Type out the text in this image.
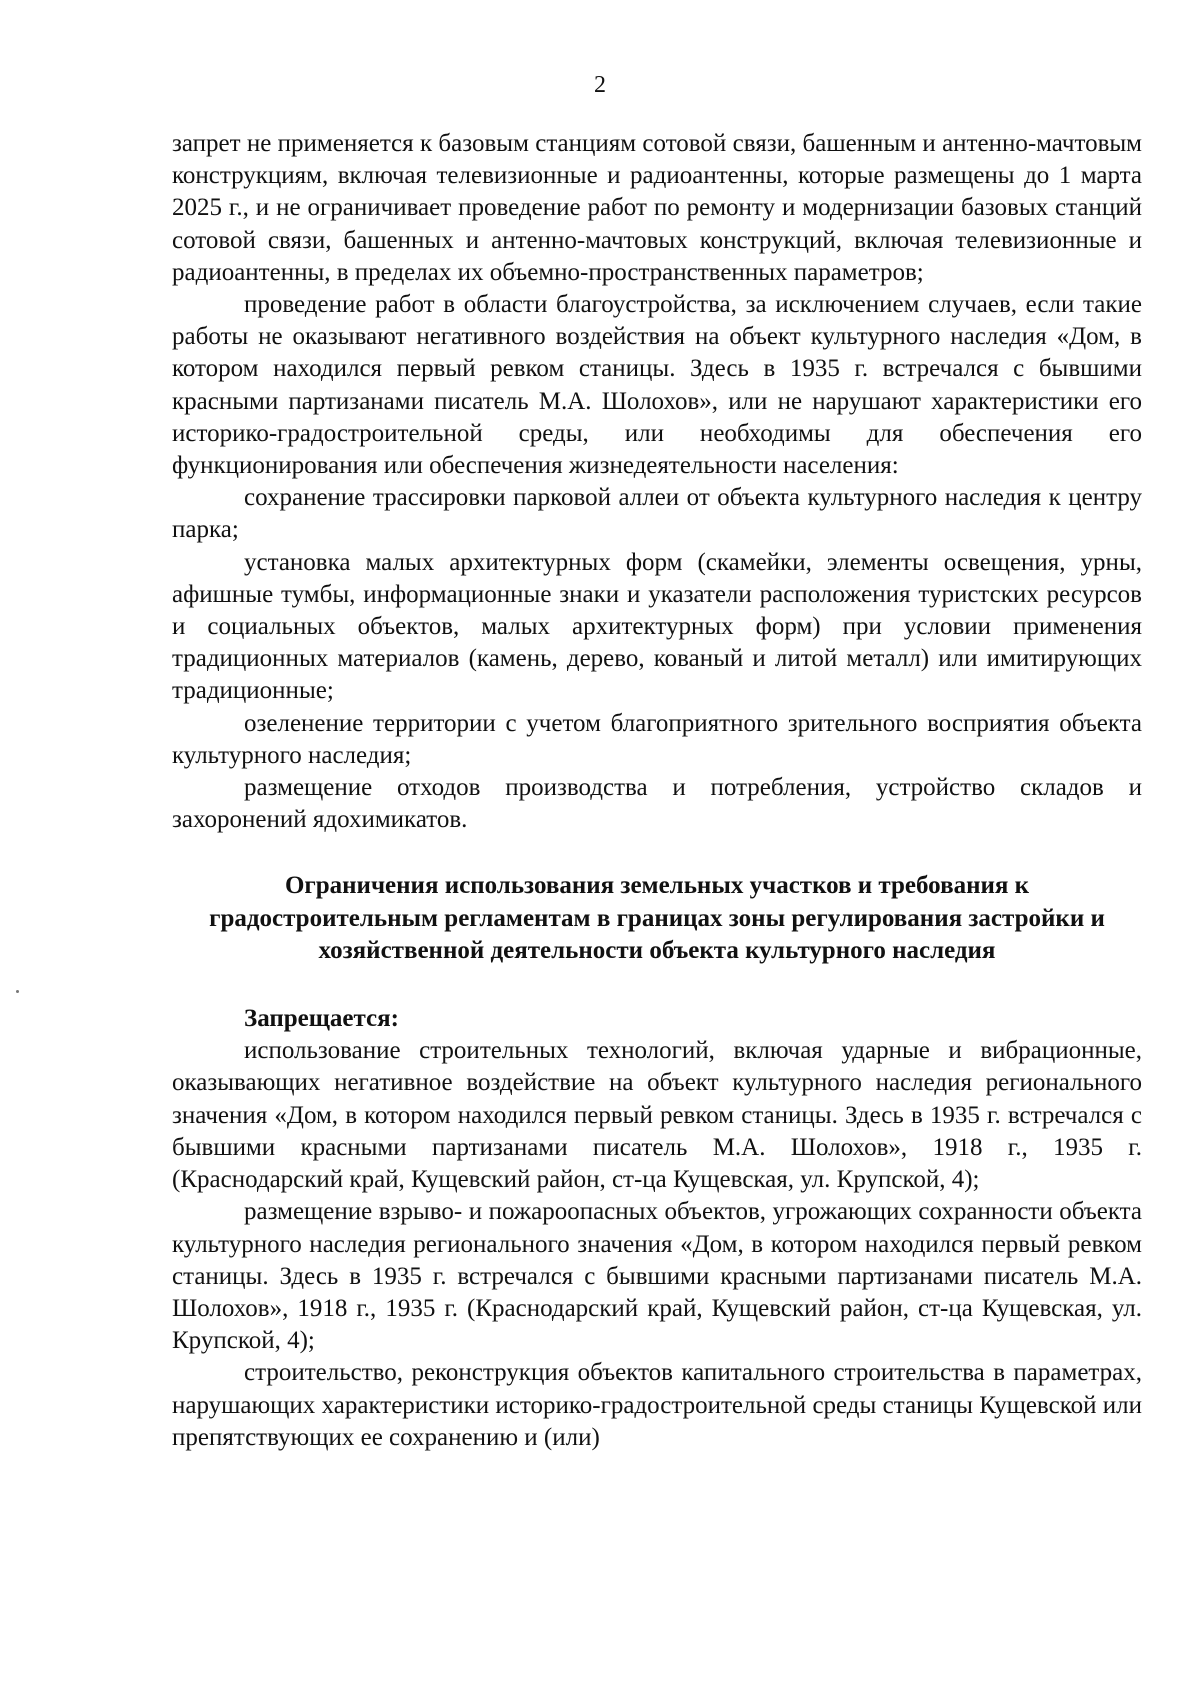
2

запрет не применяется к базовым станциям сотовой связи, башенным и антенно-мачтовым конструкциям, включая телевизионные и радиоантенны, которые размещены до 1 марта 2025 г., и не ограничивает проведение работ по ремонту и модернизации базовых станций сотовой связи, башенных и антенно-мачтовых конструкций, включая телевизионные и радиоантенны, в пределах их объемно-пространственных параметров;

проведение работ в области благоустройства, за исключением случаев, если такие работы не оказывают негативного воздействия на объект культурного наследия «Дом, в котором находился первый ревком станицы. Здесь в 1935 г. встречался с бывшими красными партизанами писатель М.А. Шолохов», или не нарушают характеристики его историко-градостроительной среды, или необходимы для обеспечения его функционирования или обеспечения жизнедеятельности населения:

сохранение трассировки парковой аллеи от объекта культурного наследия к центру парка;

установка малых архитектурных форм (скамейки, элементы освещения, урны, афишные тумбы, информационные знаки и указатели расположения туристских ресурсов и социальных объектов, малых архитектурных форм) при условии применения традиционных материалов (камень, дерево, кованый и литой металл) или имитирующих традиционные;

озеленение территории с учетом благоприятного зрительного восприятия объекта культурного наследия;

размещение отходов производства и потребления, устройство складов и захоронений ядохимикатов.

Ограничения использования земельных участков и требования к градостроительным регламентам в границах зоны регулирования застройки и хозяйственной деятельности объекта культурного наследия

Запрещается:

использование строительных технологий, включая ударные и вибрационные, оказывающих негативное воздействие на объект культурного наследия регионального значения «Дом, в котором находился первый ревком станицы. Здесь в 1935 г. встречался с бывшими красными партизанами писатель М.А. Шолохов», 1918 г., 1935 г. (Краснодарский край, Кущевский район, ст-ца Кущевская, ул. Крупской, 4);

размещение взрыво- и пожароопасных объектов, угрожающих сохранности объекта культурного наследия регионального значения «Дом, в котором находился первый ревком станицы. Здесь в 1935 г. встречался с бывшими красными партизанами писатель М.А. Шолохов», 1918 г., 1935 г. (Краснодарский край, Кущевский район, ст-ца Кущевская, ул. Крупской, 4);

строительство, реконструкция объектов капитального строительства в параметрах, нарушающих характеристики историко-градостроительной среды станицы Кущевской или препятствующих ее сохранению и (или)
